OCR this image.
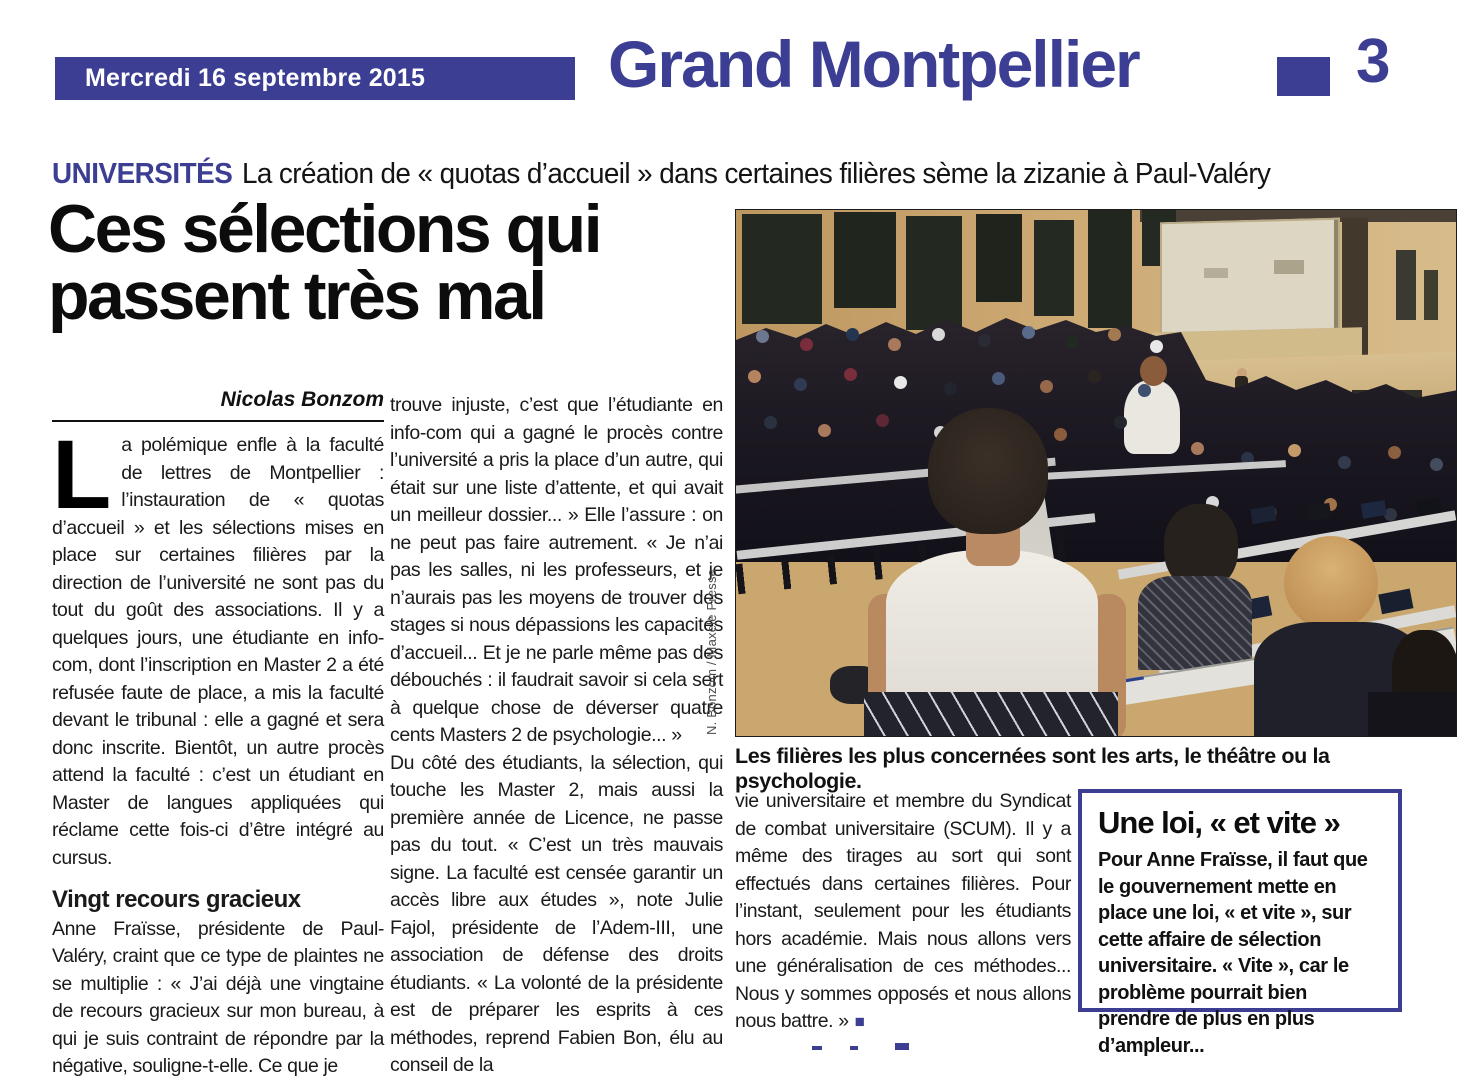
Mercredi 16 septembre 2015	Grand Montpellier	3
UNIVERSITÉS La création de « quotas d’accueil » dans certaines filières sème la zizanie à Paul-Valéry
Ces sélections qui
passent très mal
Nicolas Bonzom

La polémique enfle à la faculté de lettres de Montpellier : l’instauration de « quotas d’accueil » et les sélections mises en place sur certaines filières par la direction de l’université ne sont pas du tout du goût des associations. Il y a quelques jours, une étudiante en info-com, dont l’inscription en Master 2 a été refusée faute de place, a mis la faculté devant le tribunal : elle a gagné et sera donc inscrite. Bientôt, un autre procès attend la faculté : c’est un étudiant en Master de langues appliquées qui réclame cette fois-ci d’être intégré au cursus.

Vingt recours gracieux

Anne Fraïsse, présidente de Paul-Valéry, craint que ce type de plaintes ne se multiplie : « J’ai déjà une vingtaine de recours gracieux sur mon bureau, à qui je suis contraint de répondre par la négative, souligne-t-elle. Ce que je

trouve injuste, c’est que l’étudiante en info-com qui a gagné le procès contre l’université a pris la place d’un autre, qui était sur une liste d’attente, et qui avait un meilleur dossier... » Elle l’assure : on ne peut pas faire autrement. « Je n’ai pas les salles, ni les professeurs, et je n’aurais pas les moyens de trouver des stages si nous dépassions les capacités d’accueil... Et je ne parle même pas des débouchés : il faudrait savoir si cela sert à quelque chose de déverser quatre cents Masters 2 de psychologie... »

Du côté des étudiants, la sélection, qui touche les Master 2, mais aussi la première année de Licence, ne passe pas du tout. « C’est un très mauvais signe. La faculté est censée garantir un accès libre aux études », note Julie Fajol, présidente de l’Adem-III, une association de défense des droits étudiants. « La volonté de la présidente est de préparer les esprits à ces méthodes, reprend Fabien Bon, élu au conseil de la

N. Bonzom / Maxele Presse
Les filières les plus concernées sont les arts, le théâtre ou la psychologie.

vie universitaire et membre du Syndicat de combat universitaire (SCUM). Il y a même des tirages au sort qui sont effectués dans certaines filières. Pour l’instant, seulement pour les étudiants hors académie. Mais nous allons vers une généralisation de ces méthodes... Nous y sommes opposés et nous allons nous battre. » ■

Une loi, « et vite »
Pour Anne Fraïsse, il faut que le gouvernement mette en place une loi, « et vite », sur cette affaire de sélection universitaire. « Vite », car le problème pourrait bien prendre de plus en plus d’ampleur...
